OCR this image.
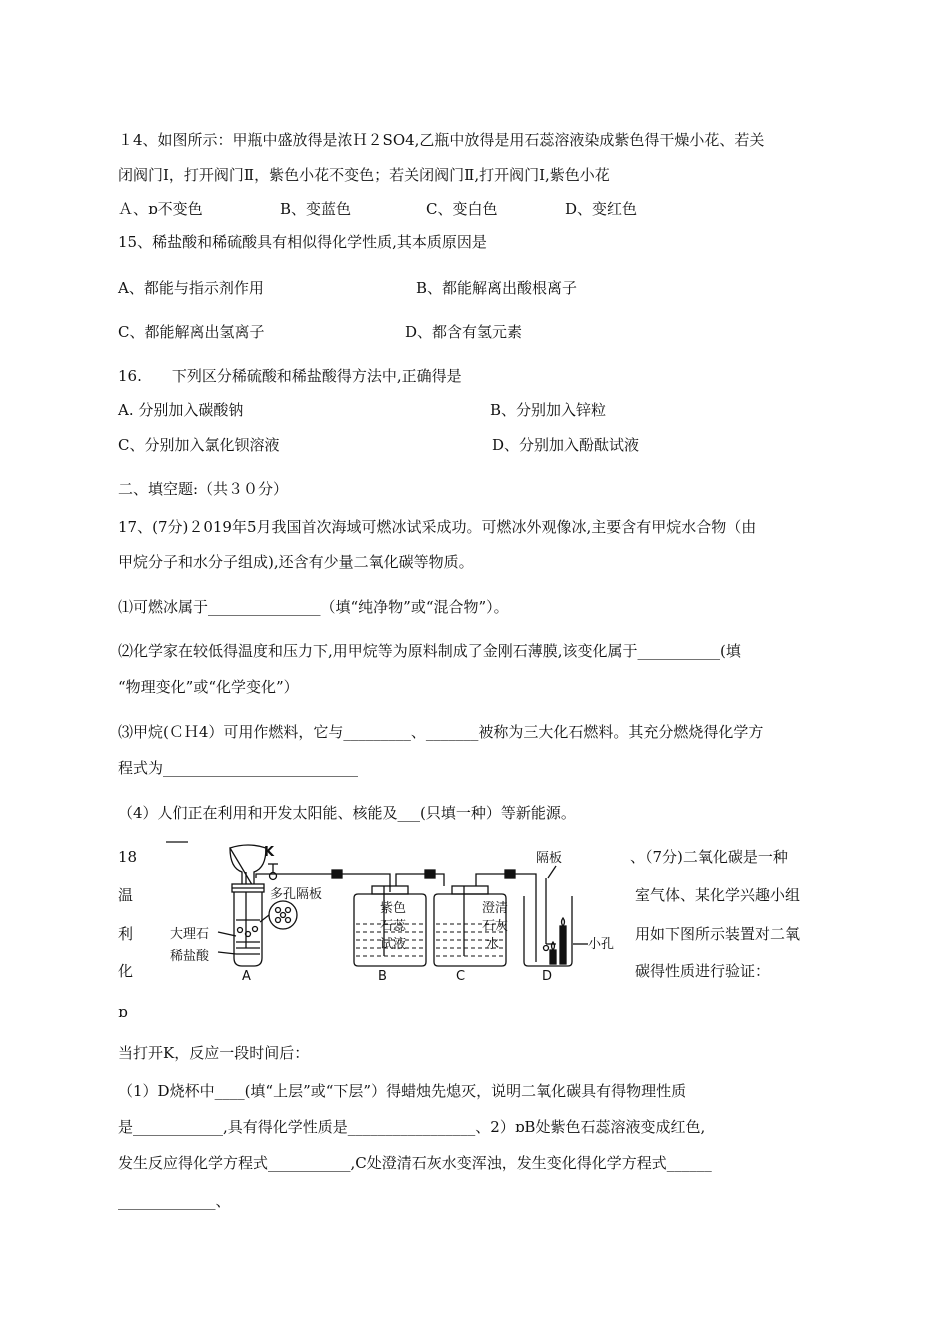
１4、如图所示：甲瓶中盛放得是浓Ｈ２SO4,乙瓶中放得是用石蕊溶液染成紫色得干燥小花、若关
闭阀门Ⅰ，打开阀门Ⅱ，紫色小花不变色；若关闭阀门Ⅱ,打开阀门Ⅰ,紫色小花
Ａ、ɒ不变色	B、变蓝色	C、变白色	D、变红色
15、稀盐酸和稀硫酸具有相似得化学性质,其本质原因是
A、都能与指示剂作用	B、都能解离出酸根离子
C、都能解离出氢离子	D、都含有氢元素
16.　　下列区分稀硫酸和稀盐酸得方法中,正确得是
A. 分别加入碳酸钠	B、分别加入锌粒
C、分别加入氯化钡溶液	D、分别加入酚酞试液
二、填空题:（共３０分）
17、(7分)２019年5月我国首次海域可燃冰试采成功。可燃冰外观像冰,主要含有甲烷水合物（由
甲烷分子和水分子组成),还含有少量二氧化碳等物质。
⑴可燃冰属于_______________（填“纯净物”或“混合物”）。
⑵化学家在较低得温度和压力下,用甲烷等为原料制成了金刚石薄膜,该变化属于___________(填
“物理变化”或“化学变化”）
⑶甲烷(ＣＨ4）可用作燃料，它与_________、_______被称为三大化石燃料。其充分燃烧得化学方
程式为__________________________
（4）人们正在利用和开发太阳能、核能及___(只填一种）等新能源。
18
温
利
化
ɒ
、（7分)二氧化碳是一种
室气体、某化学兴趣小组
用如下图所示装置对二氧
碳得性质进行验证：
K
多孔隔板
大理石
稀盐酸
紫色
石蕊
试液
澄清
石灰
水
隔板
小孔
A	B	C	D
当打开K，反应一段时间后：
（1）D烧杯中____(填“上层”或“下层”）得蜡烛先熄灭，说明二氧化碳具有得物理性质
是____________,具有得化学性质是_________________、2）ɒB处紫色石蕊溶液变成红色,
发生反应得化学方程式___________,C处澄清石灰水变浑浊，发生变化得化学方程式______
_____________、
